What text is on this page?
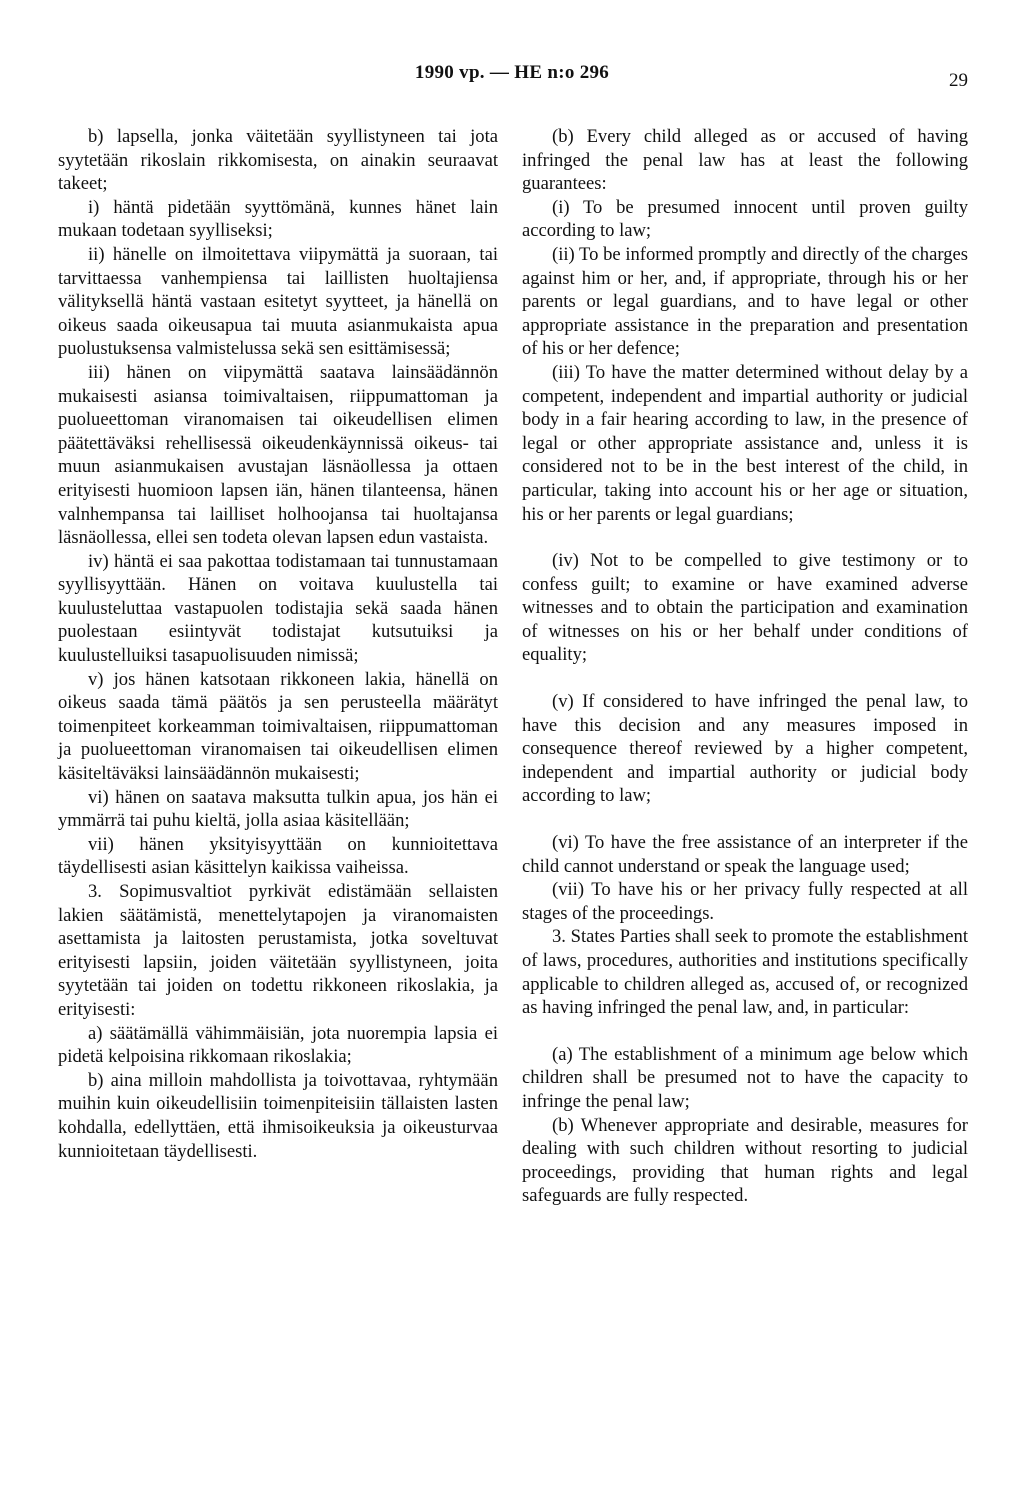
1990 vp. — HE n:o 296	29

b) lapsella, jonka väitetään syyllistyneen tai jota syytetään rikoslain rikkomisesta, on ainakin seuraavat takeet;

i) häntä pidetään syyttömänä, kunnes hänet lain mukaan todetaan syylliseksi;

ii) hänelle on ilmoitettava viipymättä ja suoraan, tai tarvittaessa vanhempiensa tai laillisten huoltajiensa välityksellä häntä vastaan esitetyt syytteet, ja hänellä on oikeus saada oikeusapua tai muuta asianmukaista apua puolustuksensa valmistelussa sekä sen esittämisessä;

iii) hänen on viipymättä saatava lainsäädännön mukaisesti asiansa toimivaltaisen, riippumattoman ja puolueettoman viranomaisen tai oikeudellisen elimen päätettäväksi rehellisessä oikeudenkäynnissä oikeus- tai muun asianmukaisen avustajan läsnäollessa ja ottaen erityisesti huomioon lapsen iän, hänen tilanteensa, hänen valnhempansa tai lailliset holhoojansa tai huoltajansa läsnäollessa, ellei sen todeta olevan lapsen edun vastaista.

iv) häntä ei saa pakottaa todistamaan tai tunnustamaan syyllisyyttään. Hänen on voitava kuulustella tai kuulusteluttaa vastapuolen todistajia sekä saada hänen puolestaan esiintyvät todistajat kutsutuiksi ja kuulustelluiksi tasapuolisuuden nimissä;

v) jos hänen katsotaan rikkoneen lakia, hänellä on oikeus saada tämä päätös ja sen perusteella määrätyt toimenpiteet korkeamman toimivaltaisen, riippumattoman ja puolueettoman viranomaisen tai oikeudellisen elimen käsiteltäväksi lainsäädännön mukaisesti;

vi) hänen on saatava maksutta tulkin apua, jos hän ei ymmärrä tai puhu kieltä, jolla asiaa käsitellään;

vii) hänen yksityisyyttään on kunnioitettava täydellisesti asian käsittelyn kaikissa vaiheissa.

3. Sopimusvaltiot pyrkivät edistämään sellaisten lakien säätämistä, menettelytapojen ja viranomaisten asettamista ja laitosten perustamista, jotka soveltuvat erityisesti lapsiin, joiden väitetään syyllistyneen, joita syytetään tai joiden on todettu rikkoneen rikoslakia, ja erityisesti:

a) säätämällä vähimmäisiän, jota nuorempia lapsia ei pidetä kelpoisina rikkomaan rikoslakia;

b) aina milloin mahdollista ja toivottavaa, ryhtymään muihin kuin oikeudellisiin toimenpiteisiin tällaisten lasten kohdalla, edellyttäen, että ihmisoikeuksia ja oikeusturvaa kunnioitetaan täydellisesti.

(b) Every child alleged as or accused of having infringed the penal law has at least the following guarantees:

(i) To be presumed innocent until proven guilty according to law;

(ii) To be informed promptly and directly of the charges against him or her, and, if appropriate, through his or her parents or legal guardians, and to have legal or other appropriate assistance in the preparation and presentation of his or her defence;

(iii) To have the matter determined without delay by a competent, independent and impartial authority or judicial body in a fair hearing according to law, in the presence of legal or other appropriate assistance and, unless it is considered not to be in the best interest of the child, in particular, taking into account his or her age or situation, his or her parents or legal guardians;

(iv) Not to be compelled to give testimony or to confess guilt; to examine or have examined adverse witnesses and to obtain the participation and examination of witnesses on his or her behalf under conditions of equality;

(v) If considered to have infringed the penal law, to have this decision and any measures imposed in consequence thereof reviewed by a higher competent, independent and impartial authority or judicial body according to law;

(vi) To have the free assistance of an interpreter if the child cannot understand or speak the language used;

(vii) To have his or her privacy fully respected at all stages of the proceedings.

3. States Parties shall seek to promote the establishment of laws, procedures, authorities and institutions specifically applicable to children alleged as, accused of, or recognized as having infringed the penal law, and, in particular:

(a) The establishment of a minimum age below which children shall be presumed not to have the capacity to infringe the penal law;

(b) Whenever appropriate and desirable, measures for dealing with such children without resorting to judicial proceedings, providing that human rights and legal safeguards are fully respected.
